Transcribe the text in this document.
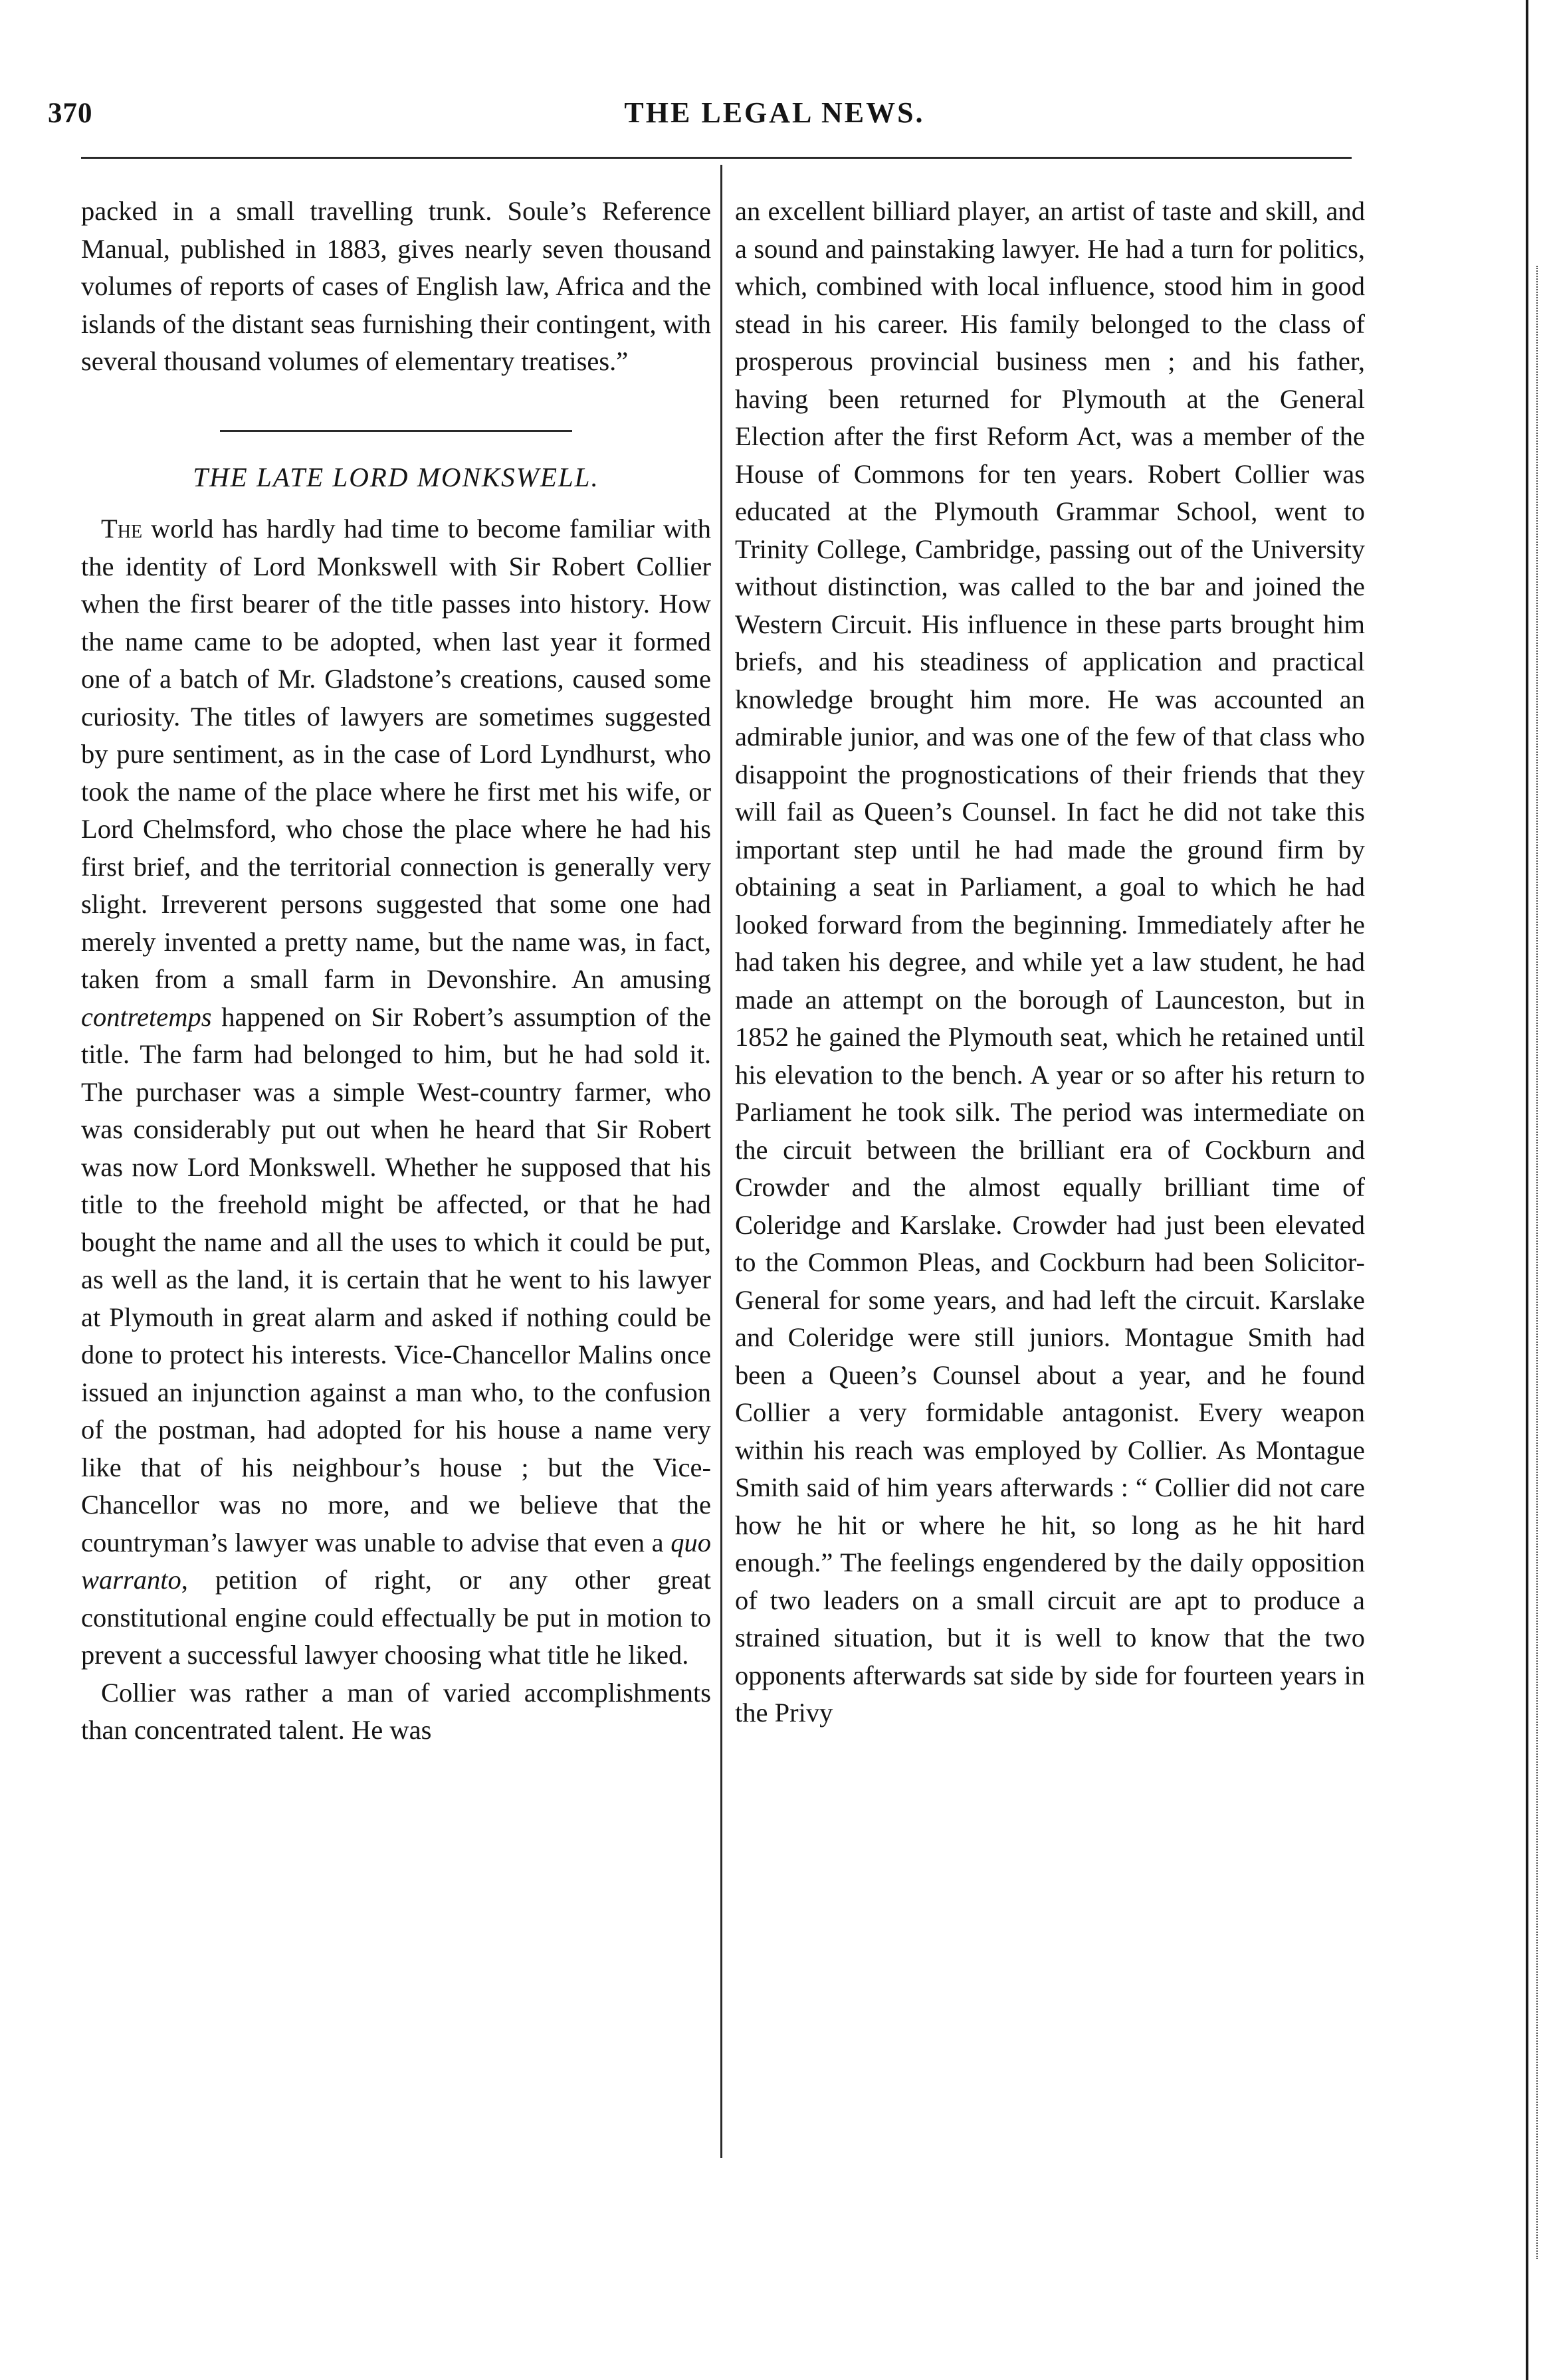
370	THE LEGAL NEWS.

packed in a small travelling trunk. Soule’s Reference Manual, published in 1883, gives nearly seven thousand volumes of reports of cases of English law, Africa and the islands of the distant seas furnishing their contingent, with several thousand volumes of elementary treatises.”

THE LATE LORD MONKSWELL.

The world has hardly had time to become familiar with the identity of Lord Monkswell with Sir Robert Collier when the first bearer of the title passes into history. How the name came to be adopted, when last year it formed one of a batch of Mr. Gladstone’s creations, caused some curiosity. The titles of lawyers are sometimes suggested by pure sentiment, as in the case of Lord Lyndhurst, who took the name of the place where he first met his wife, or Lord Chelmsford, who chose the place where he had his first brief, and the territorial connection is generally very slight. Irreverent persons suggested that some one had merely invented a pretty name, but the name was, in fact, taken from a small farm in Devonshire. An amusing contretemps happened on Sir Robert’s assumption of the title. The farm had belonged to him, but he had sold it. The purchaser was a simple West-country farmer, who was considerably put out when he heard that Sir Robert was now Lord Monkswell. Whether he supposed that his title to the freehold might be affected, or that he had bought the name and all the uses to which it could be put, as well as the land, it is certain that he went to his lawyer at Plymouth in great alarm and asked if nothing could be done to protect his interests. Vice-Chancellor Malins once issued an injunction against a man who, to the confusion of the postman, had adopted for his house a name very like that of his neighbour’s house ; but the Vice-Chancellor was no more, and we believe that the countryman’s lawyer was unable to advise that even a quo warranto, petition of right, or any other great constitutional engine could effectually be put in motion to prevent a successful lawyer choosing what title he liked.

Collier was rather a man of varied accomplishments than concentrated talent. He was

an excellent billiard player, an artist of taste and skill, and a sound and painstaking lawyer. He had a turn for politics, which, combined with local influence, stood him in good stead in his career. His family belonged to the class of prosperous provincial business men ; and his father, having been returned for Plymouth at the General Election after the first Reform Act, was a member of the House of Commons for ten years. Robert Collier was educated at the Plymouth Grammar School, went to Trinity College, Cambridge, passing out of the University without distinction, was called to the bar and joined the Western Circuit. His influence in these parts brought him briefs, and his steadiness of application and practical knowledge brought him more. He was accounted an admirable junior, and was one of the few of that class who disappoint the prognostications of their friends that they will fail as Queen’s Counsel. In fact he did not take this important step until he had made the ground firm by obtaining a seat in Parliament, a goal to which he had looked forward from the beginning. Immediately after he had taken his degree, and while yet a law student, he had made an attempt on the borough of Launceston, but in 1852 he gained the Plymouth seat, which he retained until his elevation to the bench. A year or so after his return to Parliament he took silk. The period was intermediate on the circuit between the brilliant era of Cockburn and Crowder and the almost equally brilliant time of Coleridge and Karslake. Crowder had just been elevated to the Common Pleas, and Cockburn had been Solicitor-General for some years, and had left the circuit. Karslake and Coleridge were still juniors. Montague Smith had been a Queen’s Counsel about a year, and he found Collier a very formidable antagonist. Every weapon within his reach was employed by Collier. As Montague Smith said of him years afterwards : “ Collier did not care how he hit or where he hit, so long as he hit hard enough.” The feelings engendered by the daily opposition of two leaders on a small circuit are apt to produce a strained situation, but it is well to know that the two opponents afterwards sat side by side for fourteen years in the Privy
